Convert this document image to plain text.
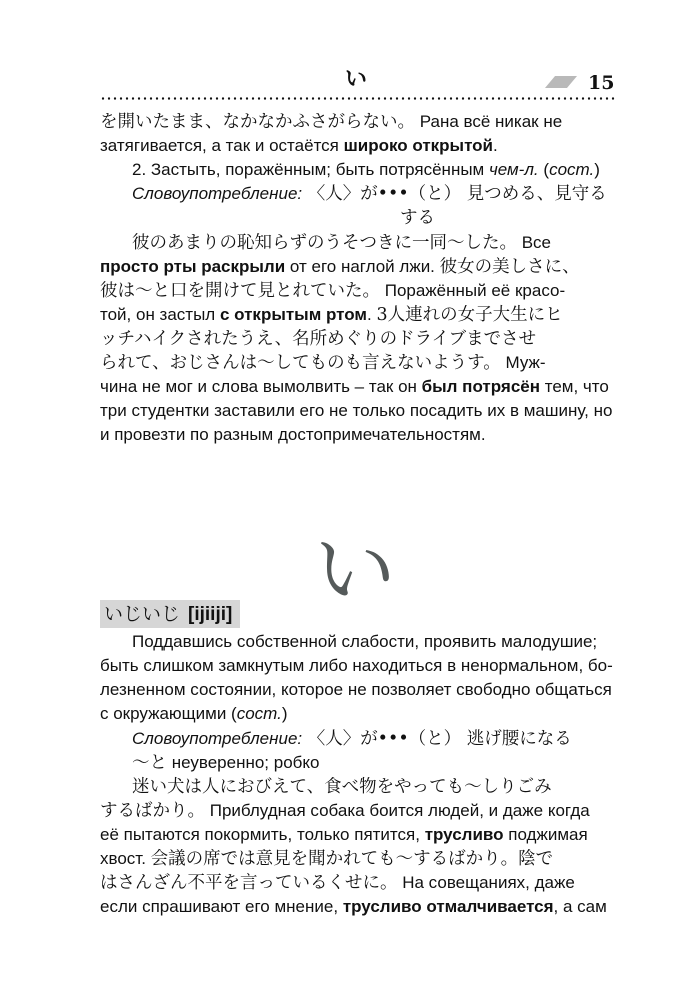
い	15
を開いたまま、なかなかふさがらない。 Рана всё никак не
затягивается, а так и остаётся широко открытой.
2. Застыть, поражённым; быть потрясённым чем-л. (сост.)
Словоупотребление: 〈人〉が•••（と） 見つめる、見守る
する
彼のあまりの恥知らずのうそつきに一同〜した。 Все
просто рты раскрыли от его наглой лжи. 彼女の美しさに、
彼は〜と口を開けて見とれていた。 Поражённый её красо-
той, он застыл с открытым ртом. 3人連れの女子大生にヒ
ッチハイクされたうえ、名所めぐりのドライブまでさせ
られて、おじさんは〜してものも言えないようす。 Муж-
чина не мог и слова вымолвить – так он был потрясён тем, что
три студентки заставили его не только посадить их в машину, но
и провезти по разным достопримечательностям.
い
いじいじ [ijiiji]
Поддавшись собственной слабости, проявить малодушие;
быть слишком замкнутым либо находиться в ненормальном, бо-
лезненном состоянии, которое не позволяет свободно общаться
с окружающими (сост.)
Словоупотребление: 〈人〉が•••（と） 逃げ腰になる
〜と неуверенно; робко
迷い犬は人におびえて、食べ物をやっても〜しりごみ
するばかり。 Приблудная собака боится людей, и даже когда
её пытаются покормить, только пятится, трусливо поджимая
хвост. 会議の席では意見を聞かれても〜するばかり。陰で
はさんざん不平を言っているくせに。 На совещаниях, даже
если спрашивают его мнение, трусливо отмалчивается, а сам
